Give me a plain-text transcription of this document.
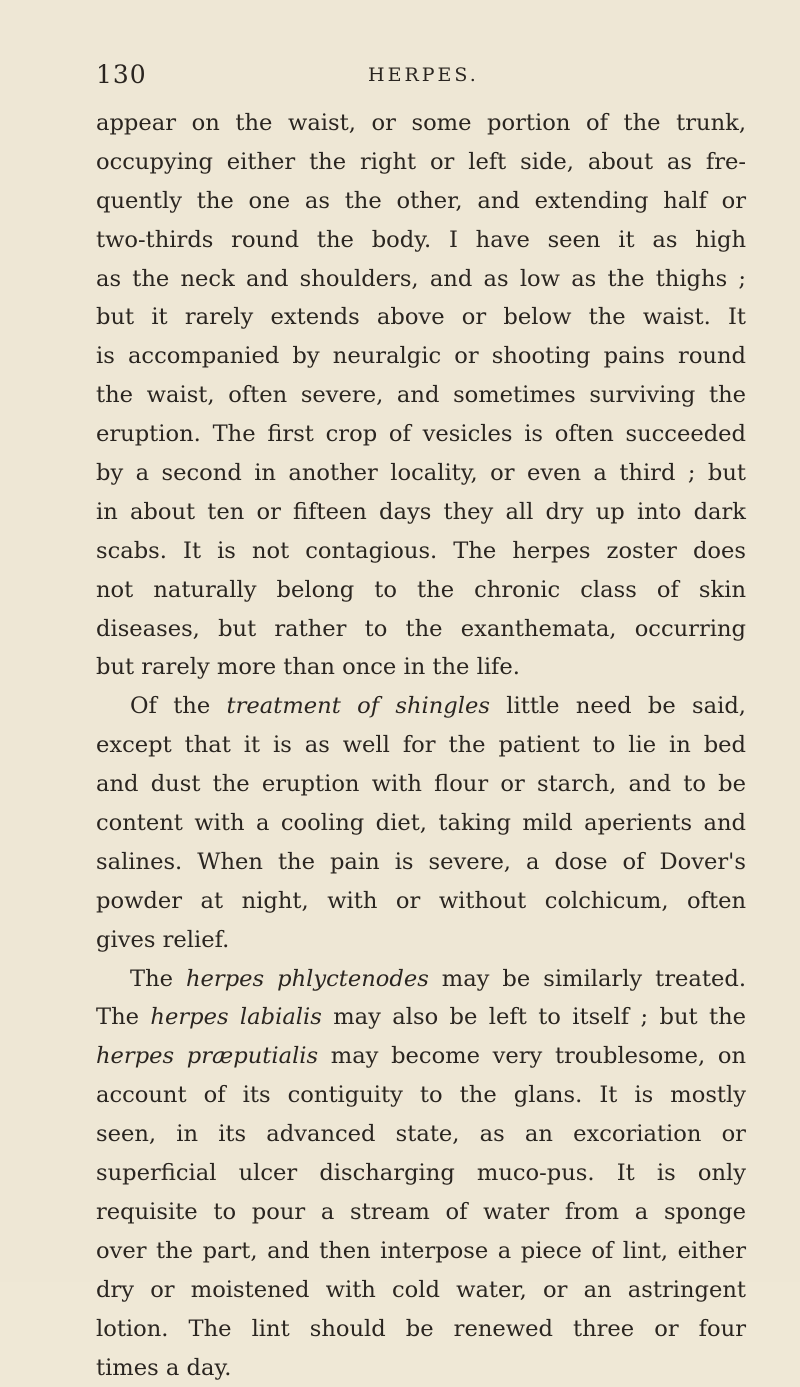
130	HERPES.
appear on the waist, or some portion of the trunk,
occupying either the right or left side, about as fre-
quently the one as the other, and extending half or
two-thirds round the body. I have seen it as high
as the neck and shoulders, and as low as the thighs ;
but it rarely extends above or below the waist. It
is accompanied by neuralgic or shooting pains round
the waist, often severe, and sometimes surviving the
eruption. The first crop of vesicles is often succeeded
by a second in another locality, or even a third ; but
in about ten or fifteen days they all dry up into dark
scabs. It is not contagious. The herpes zoster does
not naturally belong to the chronic class of skin
diseases, but rather to the exanthemata, occurring
but rarely more than once in the life.
Of the treatment of shingles little need be said,
except that it is as well for the patient to lie in bed
and dust the eruption with flour or starch, and to be
content with a cooling diet, taking mild aperients and
salines. When the pain is severe, a dose of Dover's
powder at night, with or without colchicum, often
gives relief.
The herpes phlyctenodes may be similarly treated.
The herpes labialis may also be left to itself ; but the
herpes præputialis may become very troublesome, on
account of its contiguity to the glans. It is mostly
seen, in its advanced state, as an excoriation or
superficial ulcer discharging muco-pus. It is only
requisite to pour a stream of water from a sponge
over the part, and then interpose a piece of lint, either
dry or moistened with cold water, or an astringent
lotion. The lint should be renewed three or four
times a day.
